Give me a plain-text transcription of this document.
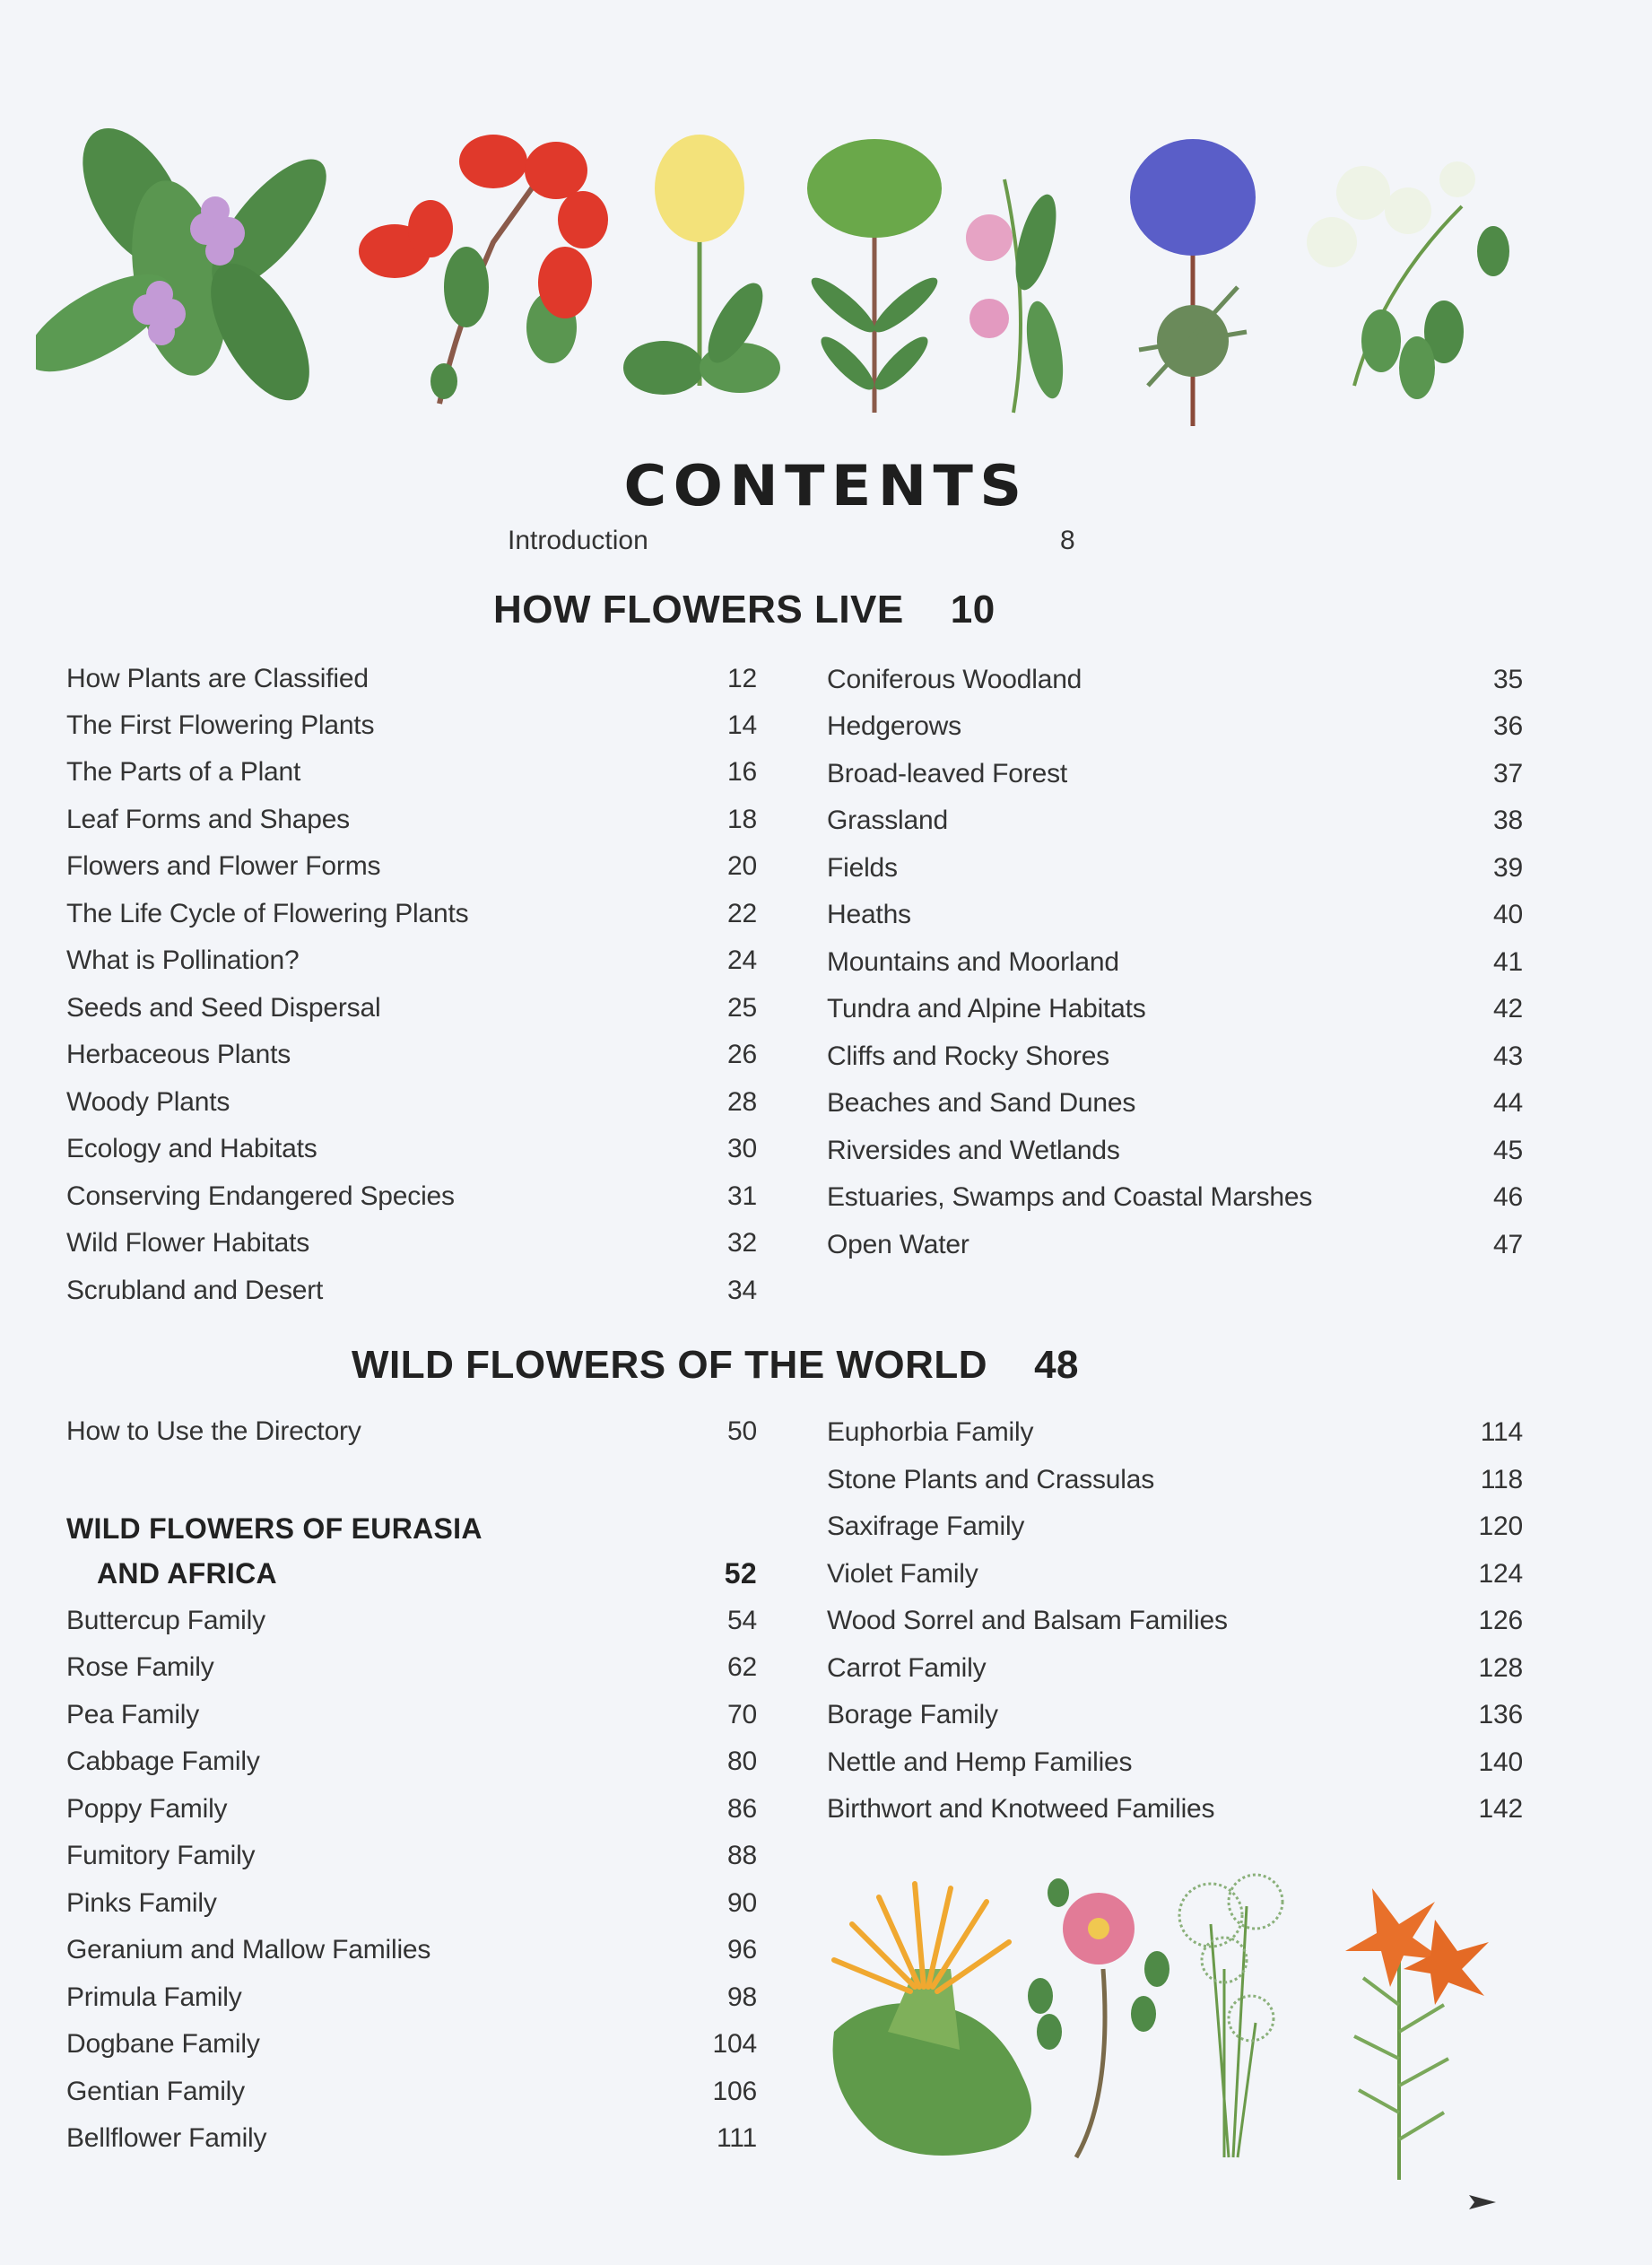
CONTENTS
Introduction	8
HOW FLOWERS LIVE 10
How Plants are Classified	12
The First Flowering Plants	14
The Parts of a Plant	16
Leaf Forms and Shapes	18
Flowers and Flower Forms	20
The Life Cycle of Flowering Plants	22
What is Pollination?	24
Seeds and Seed Dispersal	25
Herbaceous Plants	26
Woody Plants	28
Ecology and Habitats	30
Conserving Endangered Species	31
Wild Flower Habitats	32
Scrubland and Desert	34
Coniferous Woodland	35
Hedgerows	36
Broad-leaved Forest	37
Grassland	38
Fields	39
Heaths	40
Mountains and Moorland	41
Tundra and Alpine Habitats	42
Cliffs and Rocky Shores	43
Beaches and Sand Dunes	44
Riversides and Wetlands	45
Estuaries, Swamps and Coastal Marshes	46
Open Water	47
WILD FLOWERS OF THE WORLD 48
How to Use the Directory	50
WILD FLOWERS OF EURASIA
AND AFRICA	52
Buttercup Family	54
Rose Family	62
Pea Family	70
Cabbage Family	80
Poppy Family	86
Fumitory Family	88
Pinks Family	90
Geranium and Mallow Families	96
Primula Family	98
Dogbane Family	104
Gentian Family	106
Bellflower Family	111
Euphorbia Family	114
Stone Plants and Crassulas	118
Saxifrage Family	120
Violet Family	124
Wood Sorrel and Balsam Families	126
Carrot Family	128
Borage Family	136
Nettle and Hemp Families	140
Birthwort and Knotweed Families	142
